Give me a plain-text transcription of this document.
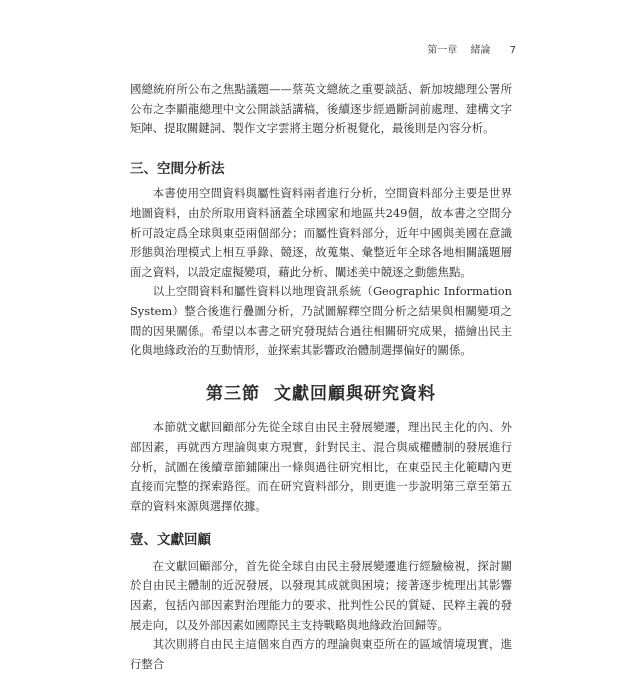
第一章 緒論 7

國總統府所公布之焦點議題——蔡英文總統之重要談話、新加坡總理公署所公布之李顯龍總理中文公開談話講稿，後續逐步經過斷詞前處理、建構文字矩陣、提取關鍵詞、製作文字雲將主題分析視覺化，最後則是內容分析。

三、空間分析法

本書使用空間資料與屬性資料兩者進行分析，空間資料部分主要是世界地圖資料，由於所取用資料涵蓋全球國家和地區共249個，故本書之空間分析可設定爲全球與東亞兩個部分；而屬性資料部分，近年中國與美國在意識形態與治理模式上相互爭錄、競逐，故蒐集、彙整近年全球各地相關議題層面之資料，以設定虛擬變項，藉此分析、闡述美中競逐之動態焦點。

以上空間資料和屬性資料以地理資訊系統（Geographic Information System）整合後進行疊圖分析，乃試圖解釋空間分析之結果與相關變項之間的因果關係。希望以本書之研究發現結合過往相關研究成果，描繪出民主化與地緣政治的互動情形，並探索其影響政治體制選擇偏好的關係。

第三節 文獻回顧與研究資料

本節就文獻回顧部分先從全球自由民主發展變遷，理出民主化的內、外部因素，再就西方理論與東方現實，針對民主、混合與威權體制的發展進行分析，試圖在後續章節鋪陳出一條與過往研究相比，在東亞民主化範疇內更直接而完整的探索路徑。而在研究資料部分，則更進一步說明第三章至第五章的資料來源與選擇依據。

壹、文獻回顧

在文獻回顧部分，首先從全球自由民主發展變遷進行經驗檢視，探討關於自由民主體制的近況發展，以發現其成就與困境；接著逐步梳理出其影響因素，包括內部因素對治理能力的要求、批判性公民的質疑、民粹主義的發展走向，以及外部因素如國際民主支持戰略與地緣政治回歸等。

其次則將自由民主這個來自西方的理論與東亞所在的區域情境現實，進行整合
